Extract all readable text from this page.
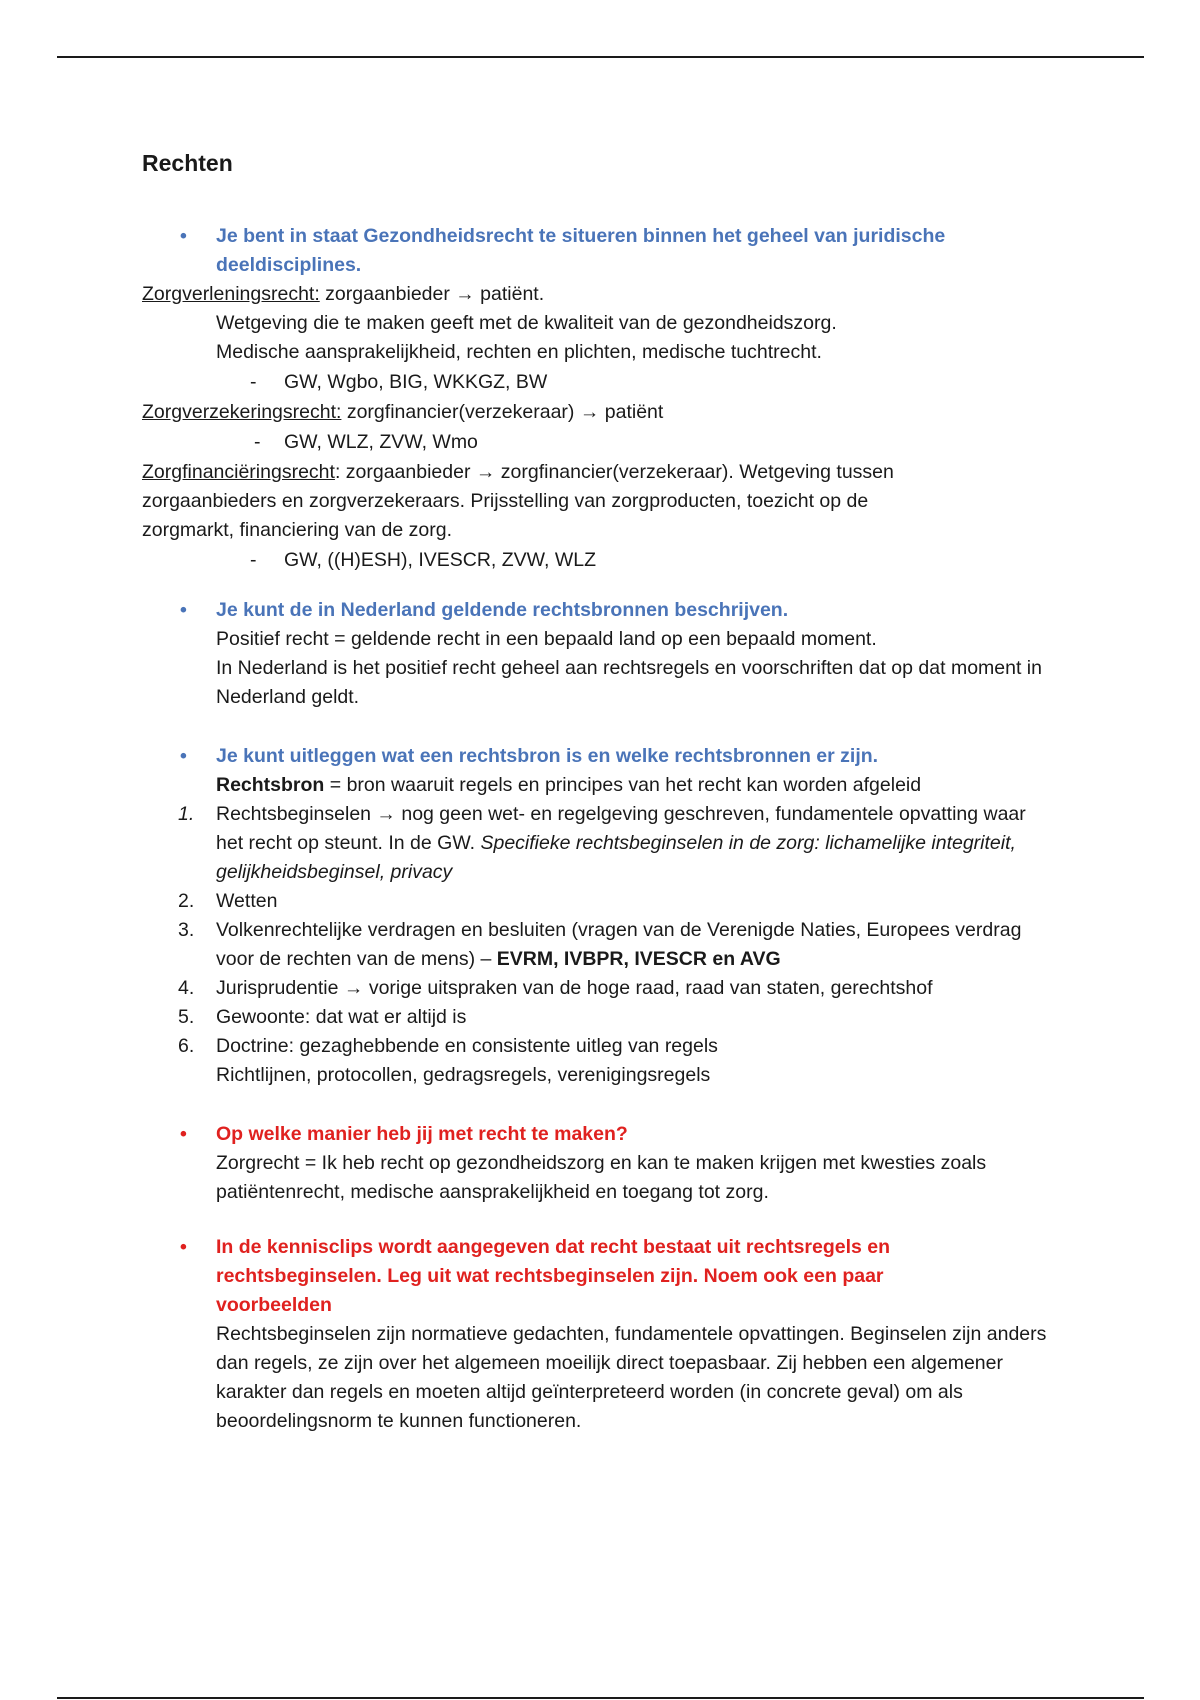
Rechten
•	Je bent in staat Gezondheidsrecht te situeren binnen het geheel van juridische deeldisciplines.
Zorgverleningsrecht: zorgaanbieder → patiënt.
Wetgeving die te maken geeft met de kwaliteit van de gezondheidszorg. Medische aansprakelijkheid, rechten en plichten, medische tuchtrecht.
-	GW, Wgbo, BIG, WKKGZ, BW
Zorgverzekeringsrecht: zorgfinancier(verzekeraar) → patiënt
-	GW, WLZ, ZVW, Wmo
Zorgfinanciëringsrecht: zorgaanbieder → zorgfinancier(verzekeraar). Wetgeving tussen zorgaanbieders en zorgverzekeraars. Prijsstelling van zorgproducten, toezicht op de zorgmarkt, financiering van de zorg.
-	GW, ((H)ESH), IVESCR, ZVW, WLZ
•	Je kunt de in Nederland geldende rechtsbronnen beschrijven.
Positief recht = geldende recht in een bepaald land op een bepaald moment.
In Nederland is het positief recht geheel aan rechtsregels en voorschriften dat op dat moment in Nederland geldt.
•	Je kunt uitleggen wat een rechtsbron is en welke rechtsbronnen er zijn.
Rechtsbron = bron waaruit regels en principes van het recht kan worden afgeleid
1.	Rechtsbeginselen → nog geen wet- en regelgeving geschreven, fundamentele opvatting waar het recht op steunt. In de GW. Specifieke rechtsbeginselen in de zorg: lichamelijke integriteit, gelijkheidsbeginsel, privacy
2.	Wetten
3.	Volkenrechtelijke verdragen en besluiten (vragen van de Verenigde Naties, Europees verdrag voor de rechten van de mens) – EVRM, IVBPR, IVESCR en AVG
4.	Jurisprudentie → vorige uitspraken van de hoge raad, raad van staten, gerechtshof
5.	Gewoonte: dat wat er altijd is
6.	Doctrine: gezaghebbende en consistente uitleg van regels
Richtlijnen, protocollen, gedragsregels, verenigingsregels
•	Op welke manier heb jij met recht te maken?
Zorgrecht = Ik heb recht op gezondheidszorg en kan te maken krijgen met kwesties zoals patiëntenrecht, medische aansprakelijkheid en toegang tot zorg.
•	In de kennisclips wordt aangegeven dat recht bestaat uit rechtsregels en rechtsbeginselen. Leg uit wat rechtsbeginselen zijn. Noem ook een paar voorbeelden
Rechtsbeginselen zijn normatieve gedachten, fundamentele opvattingen. Beginselen zijn anders dan regels, ze zijn over het algemeen moeilijk direct toepasbaar. Zij hebben een algemener karakter dan regels en moeten altijd geïnterpreteerd worden (in concrete geval) om als beoordelingsnorm te kunnen functioneren.
